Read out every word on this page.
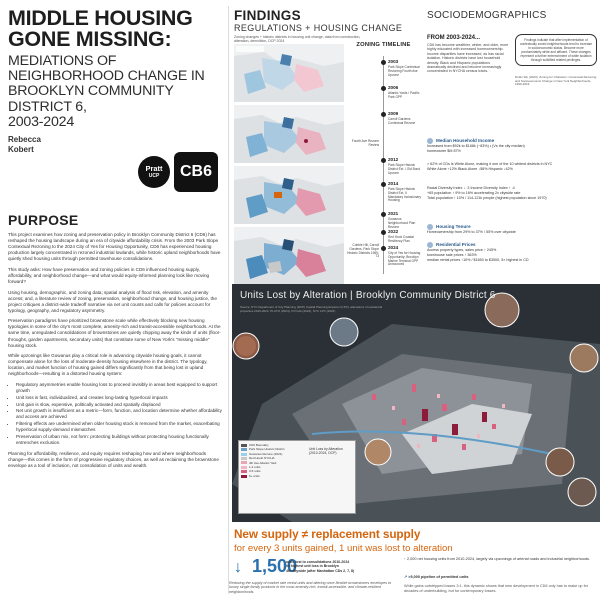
MIDDLE HOUSING
GONE MISSING:
MEDIATIONS OF
NEIGHBORHOOD CHANGE IN
BROOKLYN COMMUNITY
DISTRICT 6,
2003-2024
Rebecca
Kobert
Pratt
UCP	CB6
PURPOSE

This project examines how zoning and preservation policy in Brooklyn Community District 6 (CD6) has reshaped the housing landscape during an era of citywide affordability crisis. From the 2003 Park Slope Contextual Rezoning to the 2024 City of Yes for Housing Opportunity, CD6 has experienced housing production largely concentrated in rezoned industrial lowlands, while historic upland neighborhoods have quietly shed housing units through permitted townhouse consolidations.

This study asks: How have preservation and zoning policies in CD6 influenced housing supply, affordability, and neighborhood change—and what would equity-informed planning look like moving forward?

Using housing, demographic, and zoning data; spatial analysis of flood risk, elevation, and amenity access; and, a literature review of zoning, preservation, neighborhood change, and housing justice, the project critiques a district-wide tradeoff narrative via net unit counts and calls for policies account for typology, geography, and regulatory asymmetry.

Preservation paradigms have prioritized brownstone scale while effectively blocking new housing typologies in some of the city's most complete, amenity-rich and transit-accessible neighborhoods. At the same time, unregulated consolidations of brownstones are quietly chipping away the kinds of units (floor-throughs, garden apartments, secondary units) that constitute some of New York's "missing middle" housing stock.

While upzonings like Gowanus play a critical role in advancing citywide housing goals, it cannot compensate alone for the loss of moderate-density housing elsewhere in the district. The typology, location, and market function of housing gained differs significantly from that being lost in upland neighborhoods—resulting in a distorted housing system:

• Regulatory asymmetries enable housing loss to proceed invisibly in areas best equipped to support growth
• Unit loss is fast, individualized, and creates long-lasting hyperlocal impacts
• Unit gain is slow, expensive, politically activated and spatially displaced
• Net unit growth is insufficient as a metric—form, function, and location determine whether affordability and access are achieved
• Filtering effects are undermined when older housing stock is removed from the market, exacerbating hyperlocal supply-demand mismatches
• Preservation of urban mix, not form: protecting buildings without protecting housing functionally entrenches exclusion.

Planning for affordability, resilience, and equity requires reshaping how and where neighborhoods change—this comes in the form of progressive regulatory choices, as well as reclaiming the brownstone envelope as a tool of inclusion, not consolidation of units and wealth.

FINDINGS
REGULATIONS + HOUSING CHANGE
Zoning changes + historic districts in housing unit change, data from construction, alteration, demolition, DCP 2024
ZONING TIMELINE
2003
Park Slope Contextual Rezoning Fourth Ave Upzone
2006
Atlantic Yards / Pacific Park GPP
2009
Carroll Gardens Contextual Rezone
Fourth Ave Rezone Review
2012
Park Slope Historic District Ext. I Old Bond Upzone
2014
Park Slope Historic District Ext. II Mandatory Inclusionary Housing
2021
Gowanus Neighborhood Plan Rezone
2022
Red Hook Coastal Resiliency Plan
2024
City of Yes for Housing Opportunity; Brooklyn Marine Terminal GPP Announced
Cobble Hill, Carroll Gardens, Park Slope Historic Districts 1969-73
SOCIODEMOGRAPHICS
FROM 2003-2024...
CD6 has become wealthier, whiter, and older, more highly educated with increased homeownership. Income disparities have increased, as has racial isolation. Historic districts have lost household density. Black and Hispanic populations dramatically declined and become increasingly concentrated in NYCHA census tracts.
Findings indicate that after implementation of contextually zoned neighborhoods tend to increase in socioeconomic status. Become more predominately white and affluent. These changes represent a further entrenchment of white isolation through solidified related privileges.
Dubin Wu (2023). Zoning for Character: Contextual Rezoning and Socioeconomic Change in New York Neighborhoods, 1996-2019
Median Household Income
Increased from $92k to $168k (−83%) • (Vs the city median)
homeowner $M 87%
> 62% of CDs is White Alone, making it one of the 10 whitest districts in NYC
White Alone ↑12% Black Alone ↓58% Hispanic ↓42%
Racial Diversity Index ↓ .3 Income Diversity Index ↑ .4
+65 population ↑ 9% to 16% accelerating 2x citywide rate
Total population ↑ 10% / 114-121k people (highest population since 1970)
Housing Tenure
Homeownership from 29% to 37% / 55% over citywide
Residential Prices
Access property types, sales price ↑ 245%
townhouse sale prices ↑ 363%
median rental prices ↑10% / $1650 to $3500, 5× highest in CD
Units Lost by Alteration | Brooklyn Community District 6
Source: NYC Department of City Planning (DCP) Capital Planning Explorer (CPX), alterations of residential properties 2010-2024, PLUTO (2024), NYCHA (2024), NYC LPC (2024)
CD6 Boundary
Park Slope Historic District
Gowanus Rezone (2021)
Red Hook/ NYCHA
4th Ave Atlantic Yard
1-2 units
3-5 units
6+ units
Unit Loss by Alteration (2010-2024, DCP)
New supply ≠ replacement supply
for every 3 units gained, 1 unit was lost to alteration
↓ 1,500
units lost to consolidations 2010-2024
#1 highest unit loss in Brooklyn
4th citywide (after Manhattan CDs 2, 7, 8)
Reducing the supply of market rate rental units and altering once-flexible brownstones envelopes to luxury single family products in the most amenity-rich, transit-accessible, and climate-resilient neighborhoods.
↑ 2,000 net housing units from 2010-2024, largely via upzonings of arterial roads and industrial neighborhoods.
↗ >5,000 pipeline of permitted units
While gains outstripped losses 3:1, this dynamic shows that new development in CD6 only has to make up for decades of underbuilding, but for contemporary losses.
